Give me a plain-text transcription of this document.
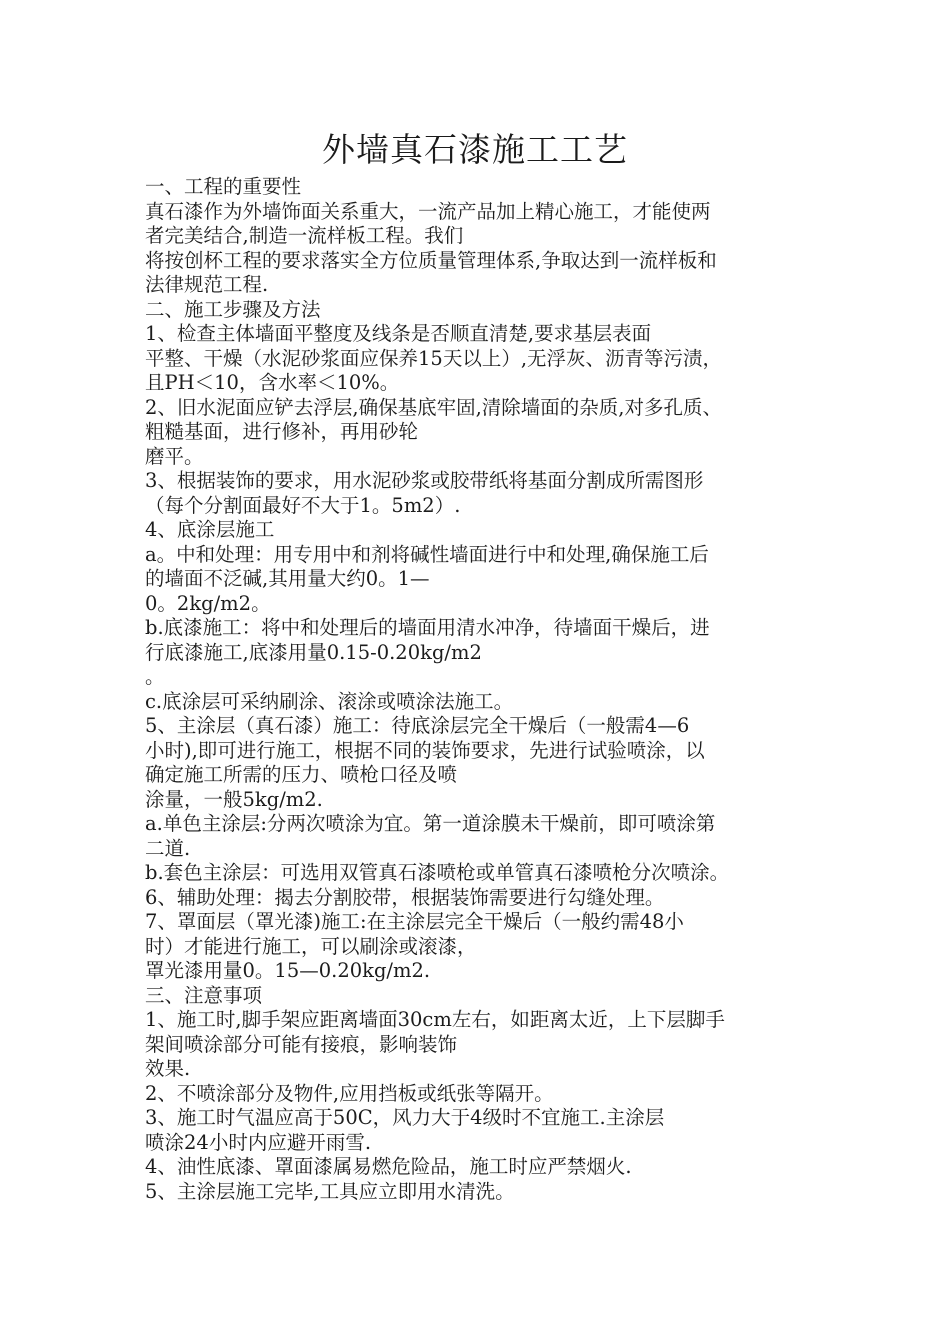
外墙真石漆施工工艺
一、工程的重要性
真石漆作为外墙饰面关系重大，一流产品加上精心施工，才能使两
者完美结合,制造一流样板工程。我们
将按创杯工程的要求落实全方位质量管理体系,争取达到一流样板和
法律规范工程.
二、施工步骤及方法
1、检查主体墙面平整度及线条是否顺直清楚,要求基层表面
平整、干燥（水泥砂浆面应保养15天以上）,无浮灰、沥青等污渍，
且PH＜10，含水率＜10%。
2、旧水泥面应铲去浮层,确保基底牢固,清除墙面的杂质,对多孔质、
粗糙基面，进行修补，再用砂轮
磨平。
3、根据装饰的要求，用水泥砂浆或胶带纸将基面分割成所需图形
（每个分割面最好不大于1。5m2）.
4、底涂层施工
a。中和处理：用专用中和剂将碱性墙面进行中和处理,确保施工后
的墙面不泛碱,其用量大约0。1—
0。2kg/m2。
b.底漆施工：将中和处理后的墙面用清水冲净，待墙面干燥后，进
行底漆施工,底漆用量0.15-0.20kg/m2
。
c.底涂层可采纳刷涂、滚涂或喷涂法施工。
5、主涂层（真石漆）施工：待底涂层完全干燥后（一般需4—6
小时),即可进行施工，根据不同的装饰要求，先进行试验喷涂，以
确定施工所需的压力、喷枪口径及喷
涂量，一般5kg/m2.
a.单色主涂层:分两次喷涂为宜。第一道涂膜未干燥前，即可喷涂第
二道.
b.套色主涂层：可选用双管真石漆喷枪或单管真石漆喷枪分次喷涂。
6、辅助处理：揭去分割胶带，根据装饰需要进行勾缝处理。
7、罩面层（罩光漆)施工:在主涂层完全干燥后（一般约需48小
时）才能进行施工，可以刷涂或滚漆，
罩光漆用量0。15—0.20kg/m2.
三、注意事项
1、施工时,脚手架应距离墙面30cm左右，如距离太近，上下层脚手
架间喷涂部分可能有接痕，影响装饰
效果.
2、不喷涂部分及物件,应用挡板或纸张等隔开。
3、施工时气温应高于50C，风力大于4级时不宜施工.主涂层
喷涂24小时内应避开雨雪.
4、油性底漆、罩面漆属易燃危险品，施工时应严禁烟火.
5、主涂层施工完毕,工具应立即用水清洗。
